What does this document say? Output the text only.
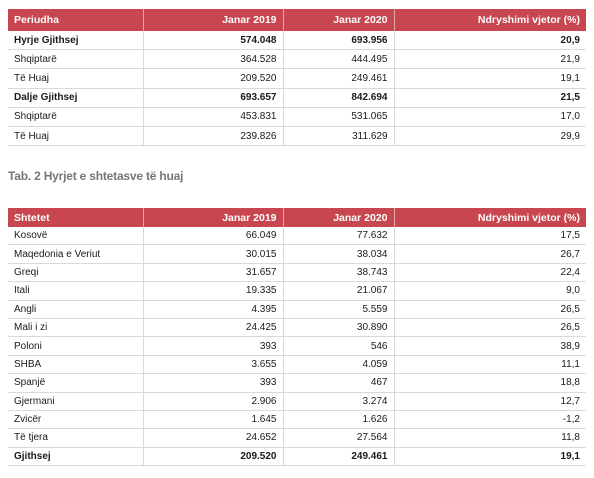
Periudha	Janar 2019	Janar 2020	Ndryshimi vjetor (%)
Hyrje Gjithsej	574.048	693.956	20,9
Shqiptarë	364.528	444.495	21,9
Të Huaj	209.520	249.461	19,1
Dalje Gjithsej	693.657	842.694	21,5
Shqiptarë	453.831	531.065	17,0
Të Huaj	239.826	311.629	29,9
Tab. 2 Hyrjet e shtetasve të huaj
Shtetet	Janar 2019	Janar 2020	Ndryshimi vjetor (%)
Kosovë	66.049	77.632	17,5
Maqedonia e Veriut	30.015	38.034	26,7
Greqi	31.657	38.743	22,4
Itali	19.335	21.067	9,0
Angli	4.395	5.559	26,5
Mali i zi	24.425	30.890	26,5
Poloni	393	546	38,9
SHBA	3.655	4.059	11,1
Spanjë	393	467	18,8
Gjermani	2.906	3.274	12,7
Zvicër	1.645	1.626	-1,2
Të tjera	24.652	27.564	11,8
Gjithsej	209.520	249.461	19,1
